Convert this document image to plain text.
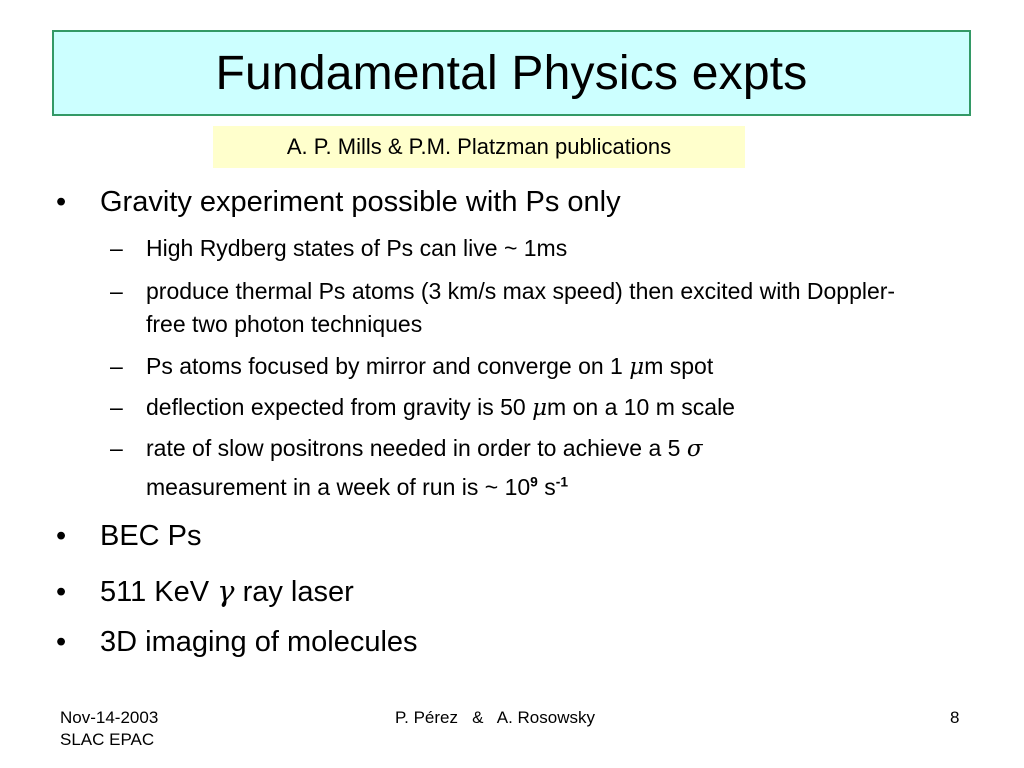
Fundamental Physics expts
A. P. Mills & P.M. Platzman publications
•	Gravity experiment possible with Ps only
–	High Rydberg states of Ps can live ~ 1ms
–	produce thermal Ps atoms (3 km/s max speed) then excited with Doppler-free two photon techniques
–	Ps atoms focused by mirror and converge on 1 μm spot
–	deflection expected from gravity is 50 μm on a 10 m scale
–	rate of slow positrons needed in order to achieve a 5 σ
measurement in a week of run is ~ $10^9$ $s^{-1}$
•	BEC Ps
•	511 KeV γ ray laser
•	3D imaging of molecules
Nov-14-2003
SLAC EPAC
P. Pérez   &   A. Rosowsky	8
